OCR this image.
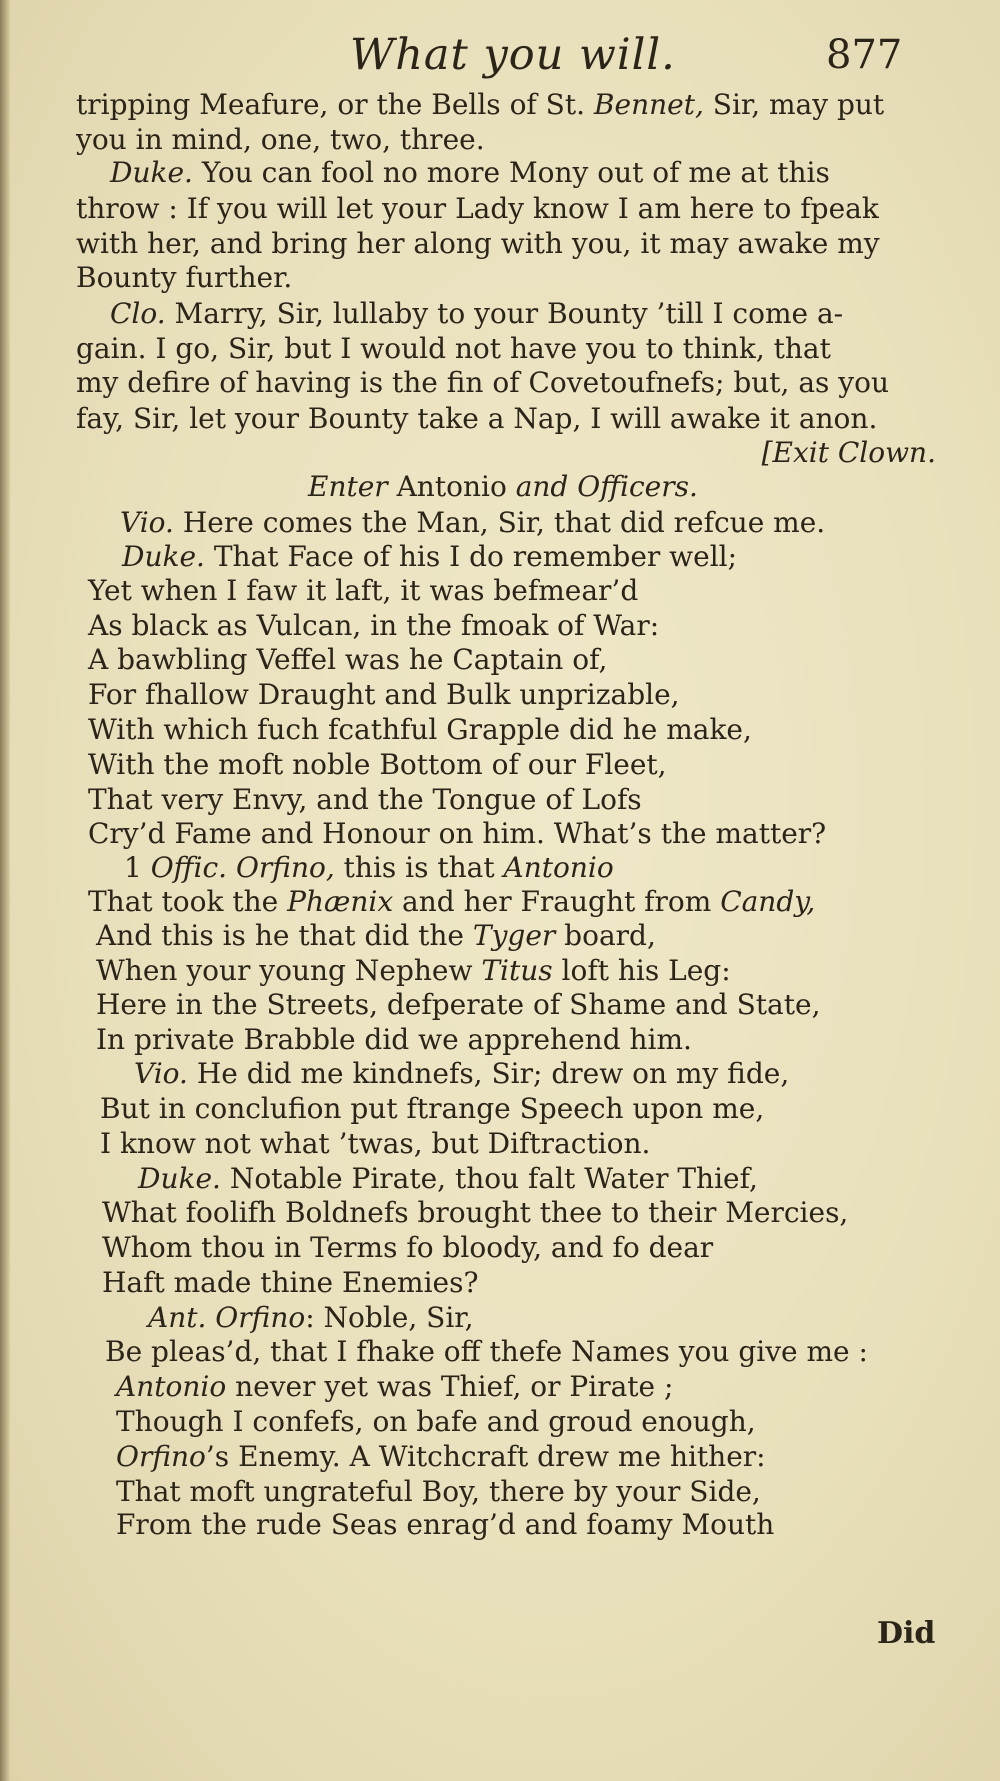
What you will.	877
tripping Meafure, or the Bells of St. Bennet, Sir, may put
you in mind, one, two, three.
Duke. You can fool no more Mony out of me at this
throw : If you will let your Lady know I am here to fpeak
with her, and bring her along with you, it may awake my
Bounty further.
Clo. Marry, Sir, lullaby to your Bounty ’till I come a-
gain. I go, Sir, but I would not have you to think, that
my defire of having is the fin of Covetoufnefs; but, as you
fay, Sir, let your Bounty take a Nap, I will awake it anon.
[Exit Clown.
Enter Antonio and Officers.
Vio. Here comes the Man, Sir, that did refcue me.
Duke. That Face of his I do remember well;
Yet when I faw it laft, it was befmear’d
As black as Vulcan, in the fmoak of War:
A bawbling Veffel was he Captain of,
For fhallow Draught and Bulk unprizable,
With which fuch fcathful Grapple did he make,
With the moft noble Bottom of our Fleet,
That very Envy, and the Tongue of Lofs
Cry’d Fame and Honour on him. What’s the matter?
1 Offic. Orfino, this is that Antonio
That took the Phænix and her Fraught from Candy,
And this is he that did the Tyger board,
When your young Nephew Titus loft his Leg:
Here in the Streets, defperate of Shame and State,
In private Brabble did we apprehend him.
Vio. He did me kindnefs, Sir; drew on my fide,
But in conclufion put ftrange Speech upon me,
I know not what ’twas, but Diftraction.
Duke. Notable Pirate, thou falt Water Thief,
What foolifh Boldnefs brought thee to their Mercies,
Whom thou in Terms fo bloody, and fo dear
Haft made thine Enemies?
Ant. Orfino: Noble, Sir,
Be pleas’d, that I fhake off thefe Names you give me :
Antonio never yet was Thief, or Pirate ;
Though I confefs, on bafe and groud enough,
Orfino’s Enemy. A Witchcraft drew me hither:
That moft ungrateful Boy, there by your Side,
From the rude Seas enrag’d and foamy Mouth
Did
